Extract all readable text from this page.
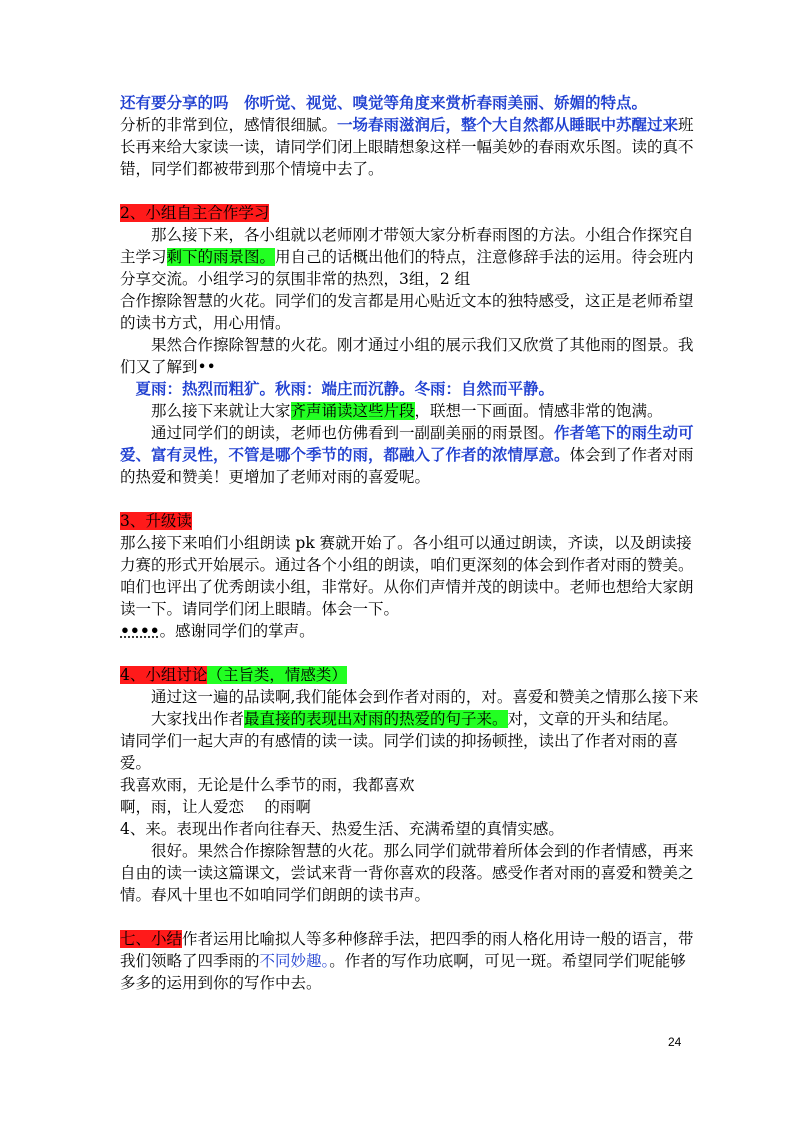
还有要分享的吗　你听觉、视觉、嗅觉等角度来赏析春雨美丽、娇媚的特点。

分析的非常到位，感情很细腻。一场春雨滋润后，整个大自然都从睡眠中苏醒过来班长再来给大家读一读，请同学们闭上眼睛想象这样一幅美妙的春雨欢乐图。读的真不错，同学们都被带到那个情境中去了。

2、小组自主合作学习

那么接下来，各小组就以老师刚才带领大家分析春雨图的方法。小组合作探究自主学习剩下的雨景图。用自己的话概出他们的特点，注意修辞手法的运用。待会班内分享交流。小组学习的氛围非常的热烈，3组，2 组

合作擦除智慧的火花。同学们的发言都是用心贴近文本的独特感受，这正是老师希望的读书方式，用心用情。

果然合作擦除智慧的火花。刚才通过小组的展示我们又欣赏了其他雨的图景。我们又了解到••

夏雨：热烈而粗犷。秋雨：端庄而沉静。冬雨：自然而平静。

那么接下来就让大家齐声诵读这些片段，联想一下画面。情感非常的饱满。

通过同学们的朗读，老师也仿佛看到一副副美丽的雨景图。作者笔下的雨生动可爱、富有灵性，不管是哪个季节的雨，都融入了作者的浓情厚意。体会到了作者对雨的热爱和赞美！更增加了老师对雨的喜爱呢。

3、升级读

那么接下来咱们小组朗读 pk 赛就开始了。各小组可以通过朗读，齐读，以及朗读接力赛的形式开始展示。通过各个小组的朗读，咱们更深刻的体会到作者对雨的赞美。咱们也评出了优秀朗读小组，非常好。从你们声情并茂的朗读中。老师也想给大家朗读一下。请同学们闭上眼睛。体会一下。

••••。感谢同学们的掌声。

4、小组讨论（主旨类，情感类）

通过这一遍的品读啊,我们能体会到作者对雨的，对。喜爱和赞美之情那么接下来大家找出作者最直接的表现出对雨的热爱的句子来。对，文章的开头和结尾。

请同学们一起大声的有感情的读一读。同学们读的抑扬顿挫，读出了作者对雨的喜爱。

我喜欢雨，无论是什么季节的雨，我都喜欢

啊，雨，让人爱恋　 的雨啊

4、来。表现出作者向往春天、热爱生活、充满希望的真情实感。

很好。果然合作擦除智慧的火花。那么同学们就带着所体会到的作者情感，再来自由的读一读这篇课文，尝试来背一背你喜欢的段落。感受作者对雨的喜爱和赞美之情。春风十里也不如咱同学们朗朗的读书声。

七、小结作者运用比喻拟人等多种修辞手法，把四季的雨人格化用诗一般的语言，带我们领略了四季雨的不同妙趣。。作者的写作功底啊，可见一斑。希望同学们呢能够多多的运用到你的写作中去。

24
